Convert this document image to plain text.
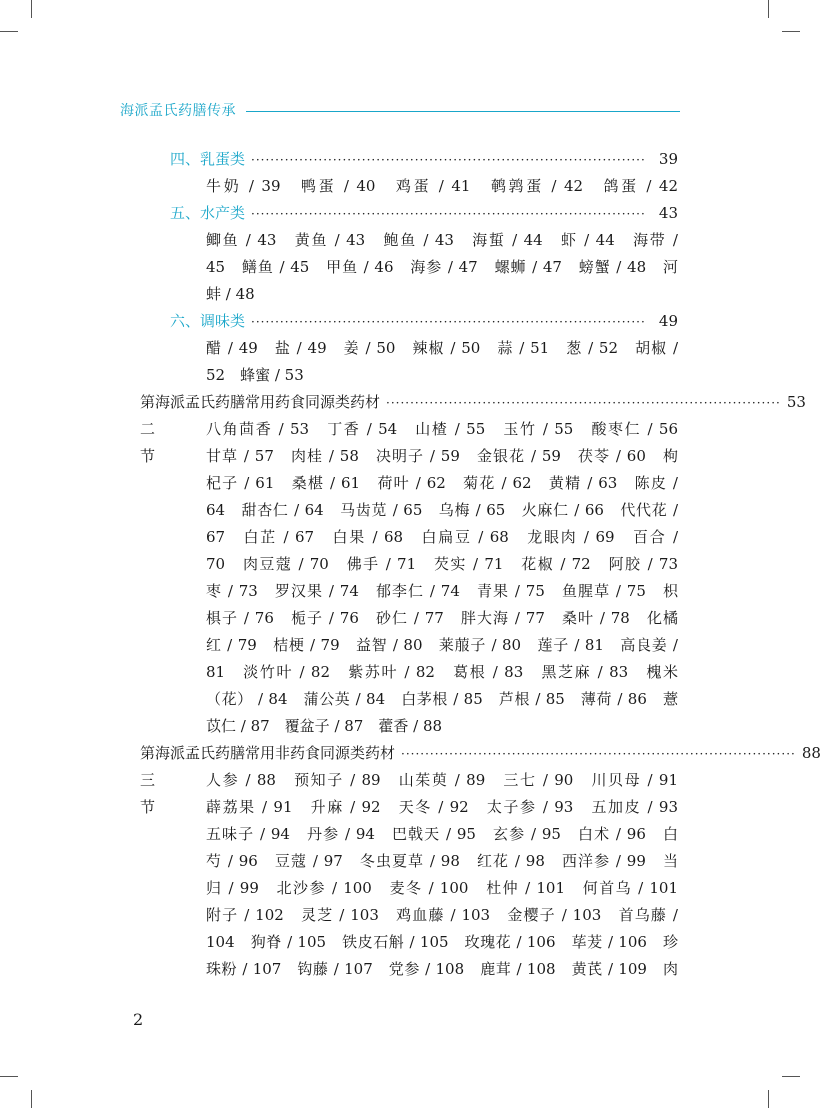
海派孟氏药膳传承
四、乳蛋类 ·················································································· 39
牛奶 / 39　鸭蛋 / 40　鸡蛋 / 41　鹌鹑蛋 / 42　鸽蛋 / 42
五、水产类 ·················································································· 43
鲫鱼 / 43　黄鱼 / 43　鲍鱼 / 43　海蜇 / 44　虾 / 44　海带 /
45　鳝鱼 / 45　甲鱼 / 46　海参 / 47　螺蛳 / 47　螃蟹 / 48　河
蚌 / 48
六、调味类 ·················································································· 49
醋 / 49　盐 / 49　姜 / 50　辣椒 / 50　蒜 / 51　葱 / 52　胡椒 /
52　蜂蜜 / 53
第二节
海派孟氏药膳常用药食同源类药材 ·················································································· 53
八角茴香 / 53　丁香 / 54　山楂 / 55　玉竹 / 55　酸枣仁 / 56
甘草 / 57　肉桂 / 58　决明子 / 59　金银花 / 59　茯苓 / 60　枸
杞子 / 61　桑椹 / 61　荷叶 / 62　菊花 / 62　黄精 / 63　陈皮 /
64　甜杏仁 / 64　马齿苋 / 65　乌梅 / 65　火麻仁 / 66　代代花 /
67　白芷 / 67　白果 / 68　白扁豆 / 68　龙眼肉 / 69　百合 /
70　肉豆蔻 / 70　佛手 / 71　芡实 / 71　花椒 / 72　阿胶 / 73
枣 / 73　罗汉果 / 74　郁李仁 / 74　青果 / 75　鱼腥草 / 75　枳
椇子 / 76　栀子 / 76　砂仁 / 77　胖大海 / 77　桑叶 / 78　化橘
红 / 79　桔梗 / 79　益智 / 80　莱菔子 / 80　莲子 / 81　高良姜 /
81　淡竹叶 / 82　紫苏叶 / 82　葛根 / 83　黑芝麻 / 83　槐米
（花） / 84　蒲公英 / 84　白茅根 / 85　芦根 / 85　薄荷 / 86　薏
苡仁 / 87　覆盆子 / 87　藿香 / 88
第三节
海派孟氏药膳常用非药食同源类药材 ·················································································· 88
人参 / 88　预知子 / 89　山茱萸 / 89　三七 / 90　川贝母 / 91
薜荔果 / 91　升麻 / 92　天冬 / 92　太子参 / 93　五加皮 / 93
五味子 / 94　丹参 / 94　巴戟天 / 95　玄参 / 95　白术 / 96　白
芍 / 96　豆蔻 / 97　冬虫夏草 / 98　红花 / 98　西洋参 / 99　当
归 / 99　北沙参 / 100　麦冬 / 100　杜仲 / 101　何首乌 / 101
附子 / 102　灵芝 / 103　鸡血藤 / 103　金樱子 / 103　首乌藤 /
104　狗脊 / 105　铁皮石斛 / 105　玫瑰花 / 106　荜茇 / 106　珍
珠粉 / 107　钩藤 / 107　党参 / 108　鹿茸 / 108　黄芪 / 109　肉
2
